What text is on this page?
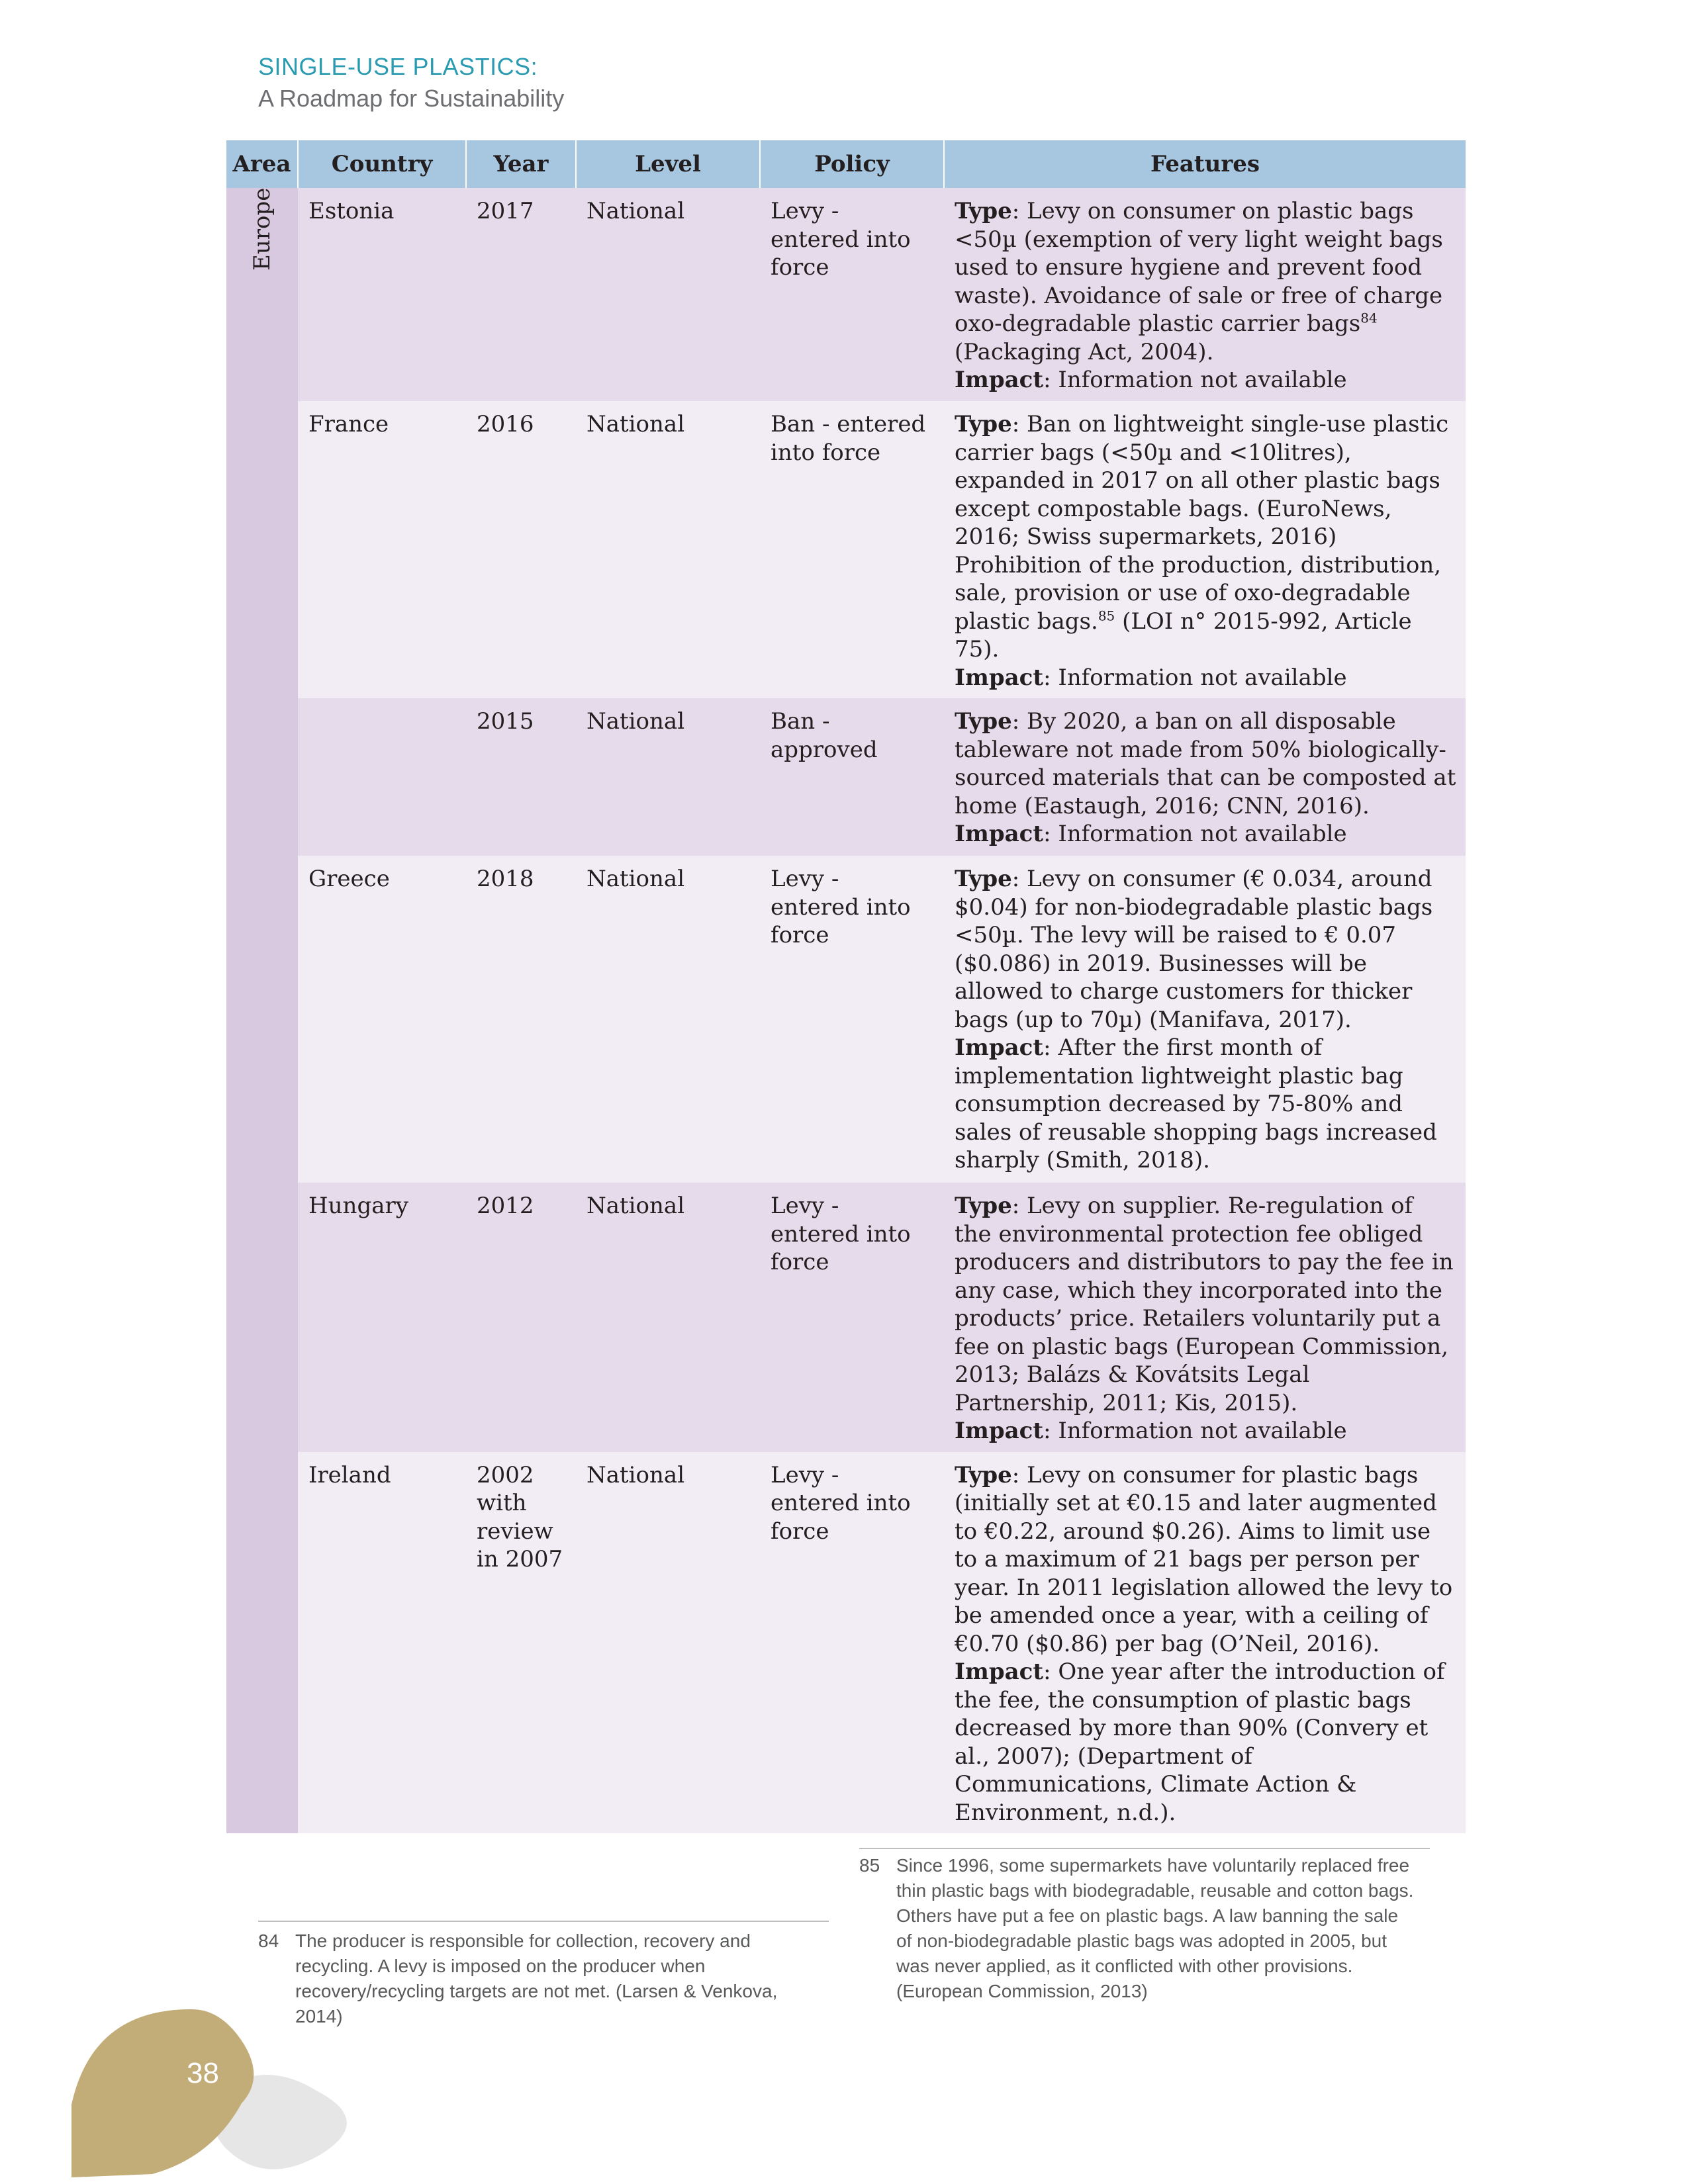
SINGLE-USE PLASTICS:
A Roadmap for Sustainability
Area	Country	Year	Level	Policy	Features

Europe	Estonia	2017	National	Levy - entered into force	Type: Levy on consumer on plastic bags <50µ (exemption of very light weight bags used to ensure hygiene and prevent food waste). Avoidance of sale or free of charge oxo-degradable plastic carrier bags$^{84}$ (Packaging Act, 2004).
Impact: Information not available
	France	2016	National	Ban - entered into force	Type: Ban on lightweight single-use plastic carrier bags (<50µ and <10litres), expanded in 2017 on all other plastic bags except compostable bags. (EuroNews, 2016; Swiss supermarkets, 2016) Prohibition of the production, distribution, sale, provision or use of oxo-degradable plastic bags.$^{85}$ (LOI n° 2015-992, Article 75).
Impact: Information not available
		2015	National	Ban - approved	Type: By 2020, a ban on all disposable tableware not made from 50% biologically-sourced materials that can be composted at home (Eastaugh, 2016; CNN, 2016).
Impact: Information not available
	Greece	2018	National	Levy - entered into force	Type: Levy on consumer (€ 0.034, around $0.04) for non-biodegradable plastic bags <50µ. The levy will be raised to € 0.07 ($0.086) in 2019. Businesses will be allowed to charge customers for thicker bags (up to 70µ) (Manifava, 2017).
Impact: After the first month of implementation lightweight plastic bag consumption decreased by 75-80% and sales of reusable shopping bags increased sharply (Smith, 2018).
	Hungary	2012	National	Levy - entered into force	Type: Levy on supplier. Re-regulation of the environmental protection fee obliged producers and distributors to pay the fee in any case, which they incorporated into the products’ price. Retailers voluntarily put a fee on plastic bags (European Commission, 2013; Balázs & Kovátsits Legal Partnership, 2011; Kis, 2015).
Impact: Information not available
	Ireland	2002 with review in 2007	National	Levy - entered into force	Type: Levy on consumer for plastic bags (initially set at €0.15 and later augmented to €0.22, around $0.26). Aims to limit use to a maximum of 21 bags per person per year. In 2011 legislation allowed the levy to be amended once a year, with a ceiling of €0.70 ($0.86) per bag (O’Neil, 2016).
Impact: One year after the introduction of the fee, the consumption of plastic bags decreased by more than 90% (Convery et al., 2007); (Department of Communications, Climate Action & Environment, n.d.).
84 The producer is responsible for collection, recovery and recycling. A levy is imposed on the producer when recovery/recycling targets are not met. (Larsen & Venkova, 2014)
85 Since 1996, some supermarkets have voluntarily replaced free thin plastic bags with biodegradable, reusable and cotton bags. Others have put a fee on plastic bags. A law banning the sale of non-biodegradable plastic bags was adopted in 2005, but was never applied, as it conflicted with other provisions. (European Commission, 2013)
38
